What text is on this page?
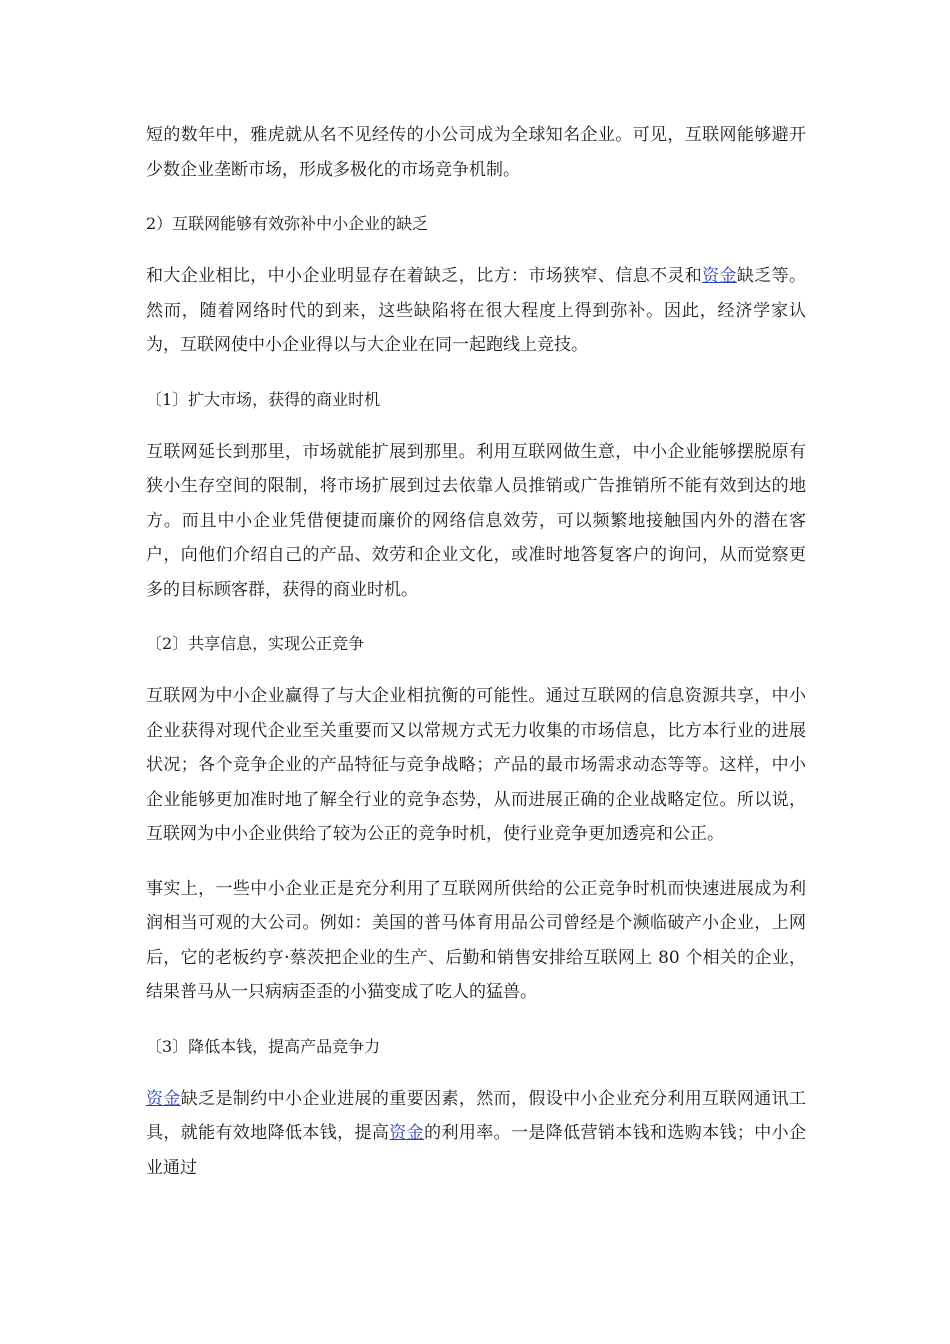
短的数年中，雅虎就从名不见经传的小公司成为全球知名企业。可见，互联网能够避开少数企业垄断市场，形成多极化的市场竞争机制。

2）互联网能够有效弥补中小企业的缺乏

和大企业相比，中小企业明显存在着缺乏，比方：市场狭窄、信息不灵和资金缺乏等。然而，随着网络时代的到来，这些缺陷将在很大程度上得到弥补。因此，经济学家认为，互联网使中小企业得以与大企业在同一起跑线上竞技。

〔1〕扩大市场，获得的商业时机

互联网延长到那里，市场就能扩展到那里。利用互联网做生意，中小企业能够摆脱原有狭小生存空间的限制，将市场扩展到过去依靠人员推销或广告推销所不能有效到达的地方。而且中小企业凭借便捷而廉价的网络信息效劳，可以频繁地接触国内外的潜在客户，向他们介绍自己的产品、效劳和企业文化，或准时地答复客户的询问，从而觉察更多的目标顾客群，获得的商业时机。

〔2〕共享信息，实现公正竞争

互联网为中小企业赢得了与大企业相抗衡的可能性。通过互联网的信息资源共享，中小企业获得对现代企业至关重要而又以常规方式无力收集的市场信息，比方本行业的进展状况；各个竞争企业的产品特征与竞争战略；产品的最市场需求动态等等。这样，中小企业能够更加准时地了解全行业的竞争态势，从而进展正确的企业战略定位。所以说，互联网为中小企业供给了较为公正的竞争时机，使行业竞争更加透亮和公正。

事实上，一些中小企业正是充分利用了互联网所供给的公正竞争时机而快速进展成为利润相当可观的大公司。例如：美国的普马体育用品公司曾经是个濒临破产小企业，上网后，它的老板约亨·蔡茨把企业的生产、后勤和销售安排给互联网上 80 个相关的企业，结果普马从一只病病歪歪的小猫变成了吃人的猛兽。

〔3〕降低本钱，提高产品竞争力

资金缺乏是制约中小企业进展的重要因素，然而，假设中小企业充分利用互联网通讯工具，就能有效地降低本钱，提高资金的利用率。一是降低营销本钱和选购本钱；中小企业通过
